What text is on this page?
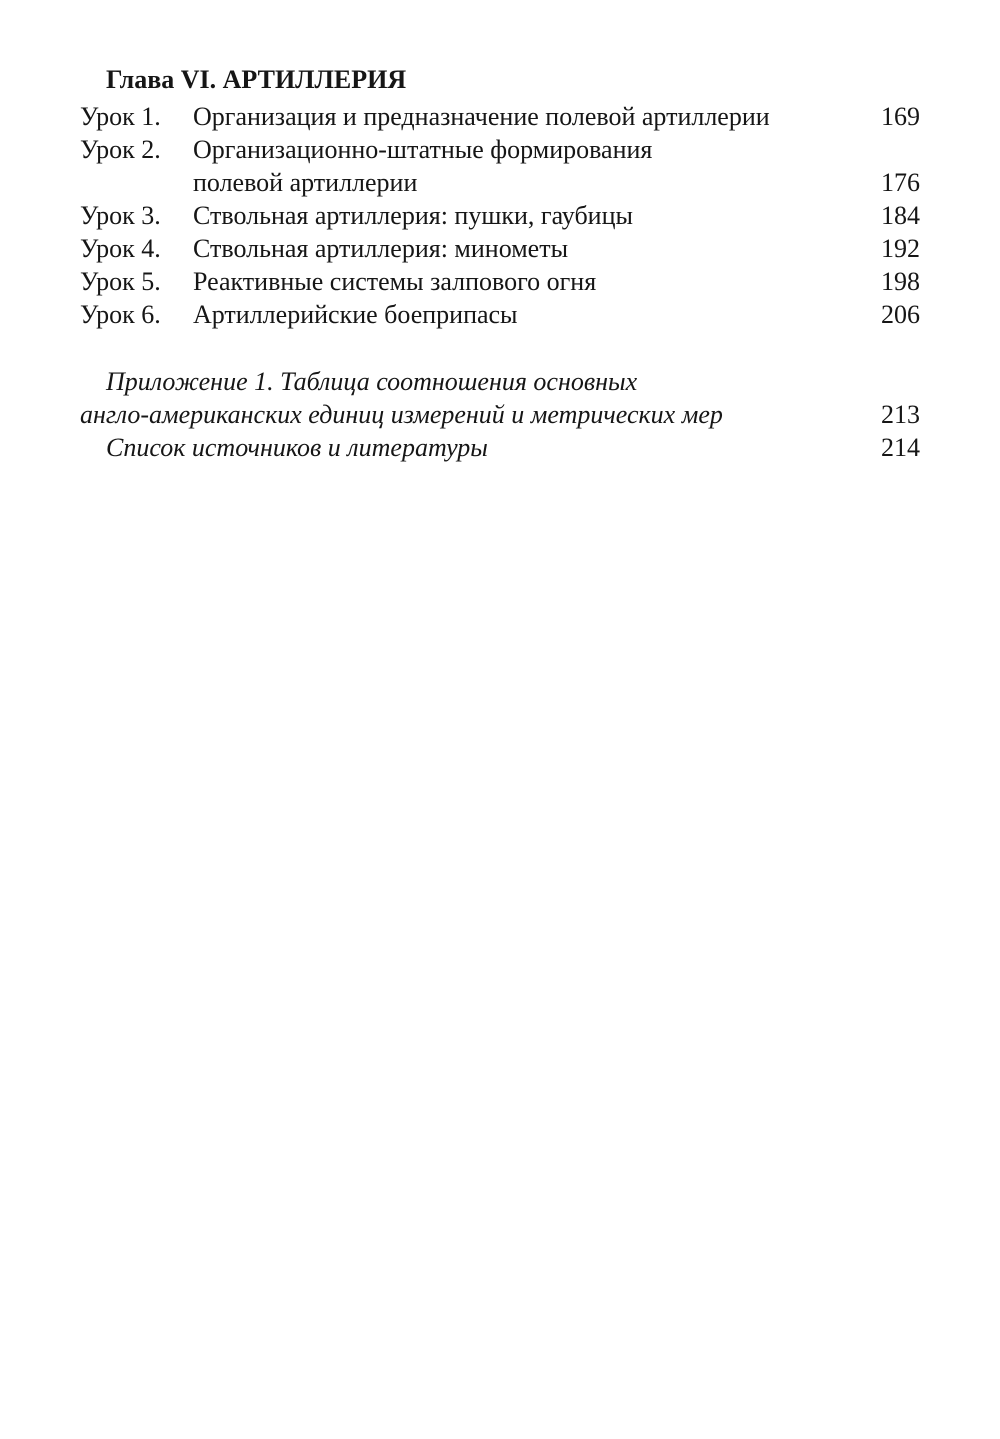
Глава VI. АРТИЛЛЕРИЯ
Урок 1. Организация и предназначение полевой артиллерии	169
Урок 2. Организационно-штатные формирования
полевой артиллерии	176
Урок 3. Ствольная артиллерия: пушки, гаубицы	184
Урок 4. Ствольная артиллерия: минометы	192
Урок 5. Реактивные системы залпового огня	198
Урок 6. Артиллерийские боеприпасы	206
Приложение 1. Таблица соотношения основных
англо-американских единиц измерений и метрических мер	213
Список источников и литературы	214
